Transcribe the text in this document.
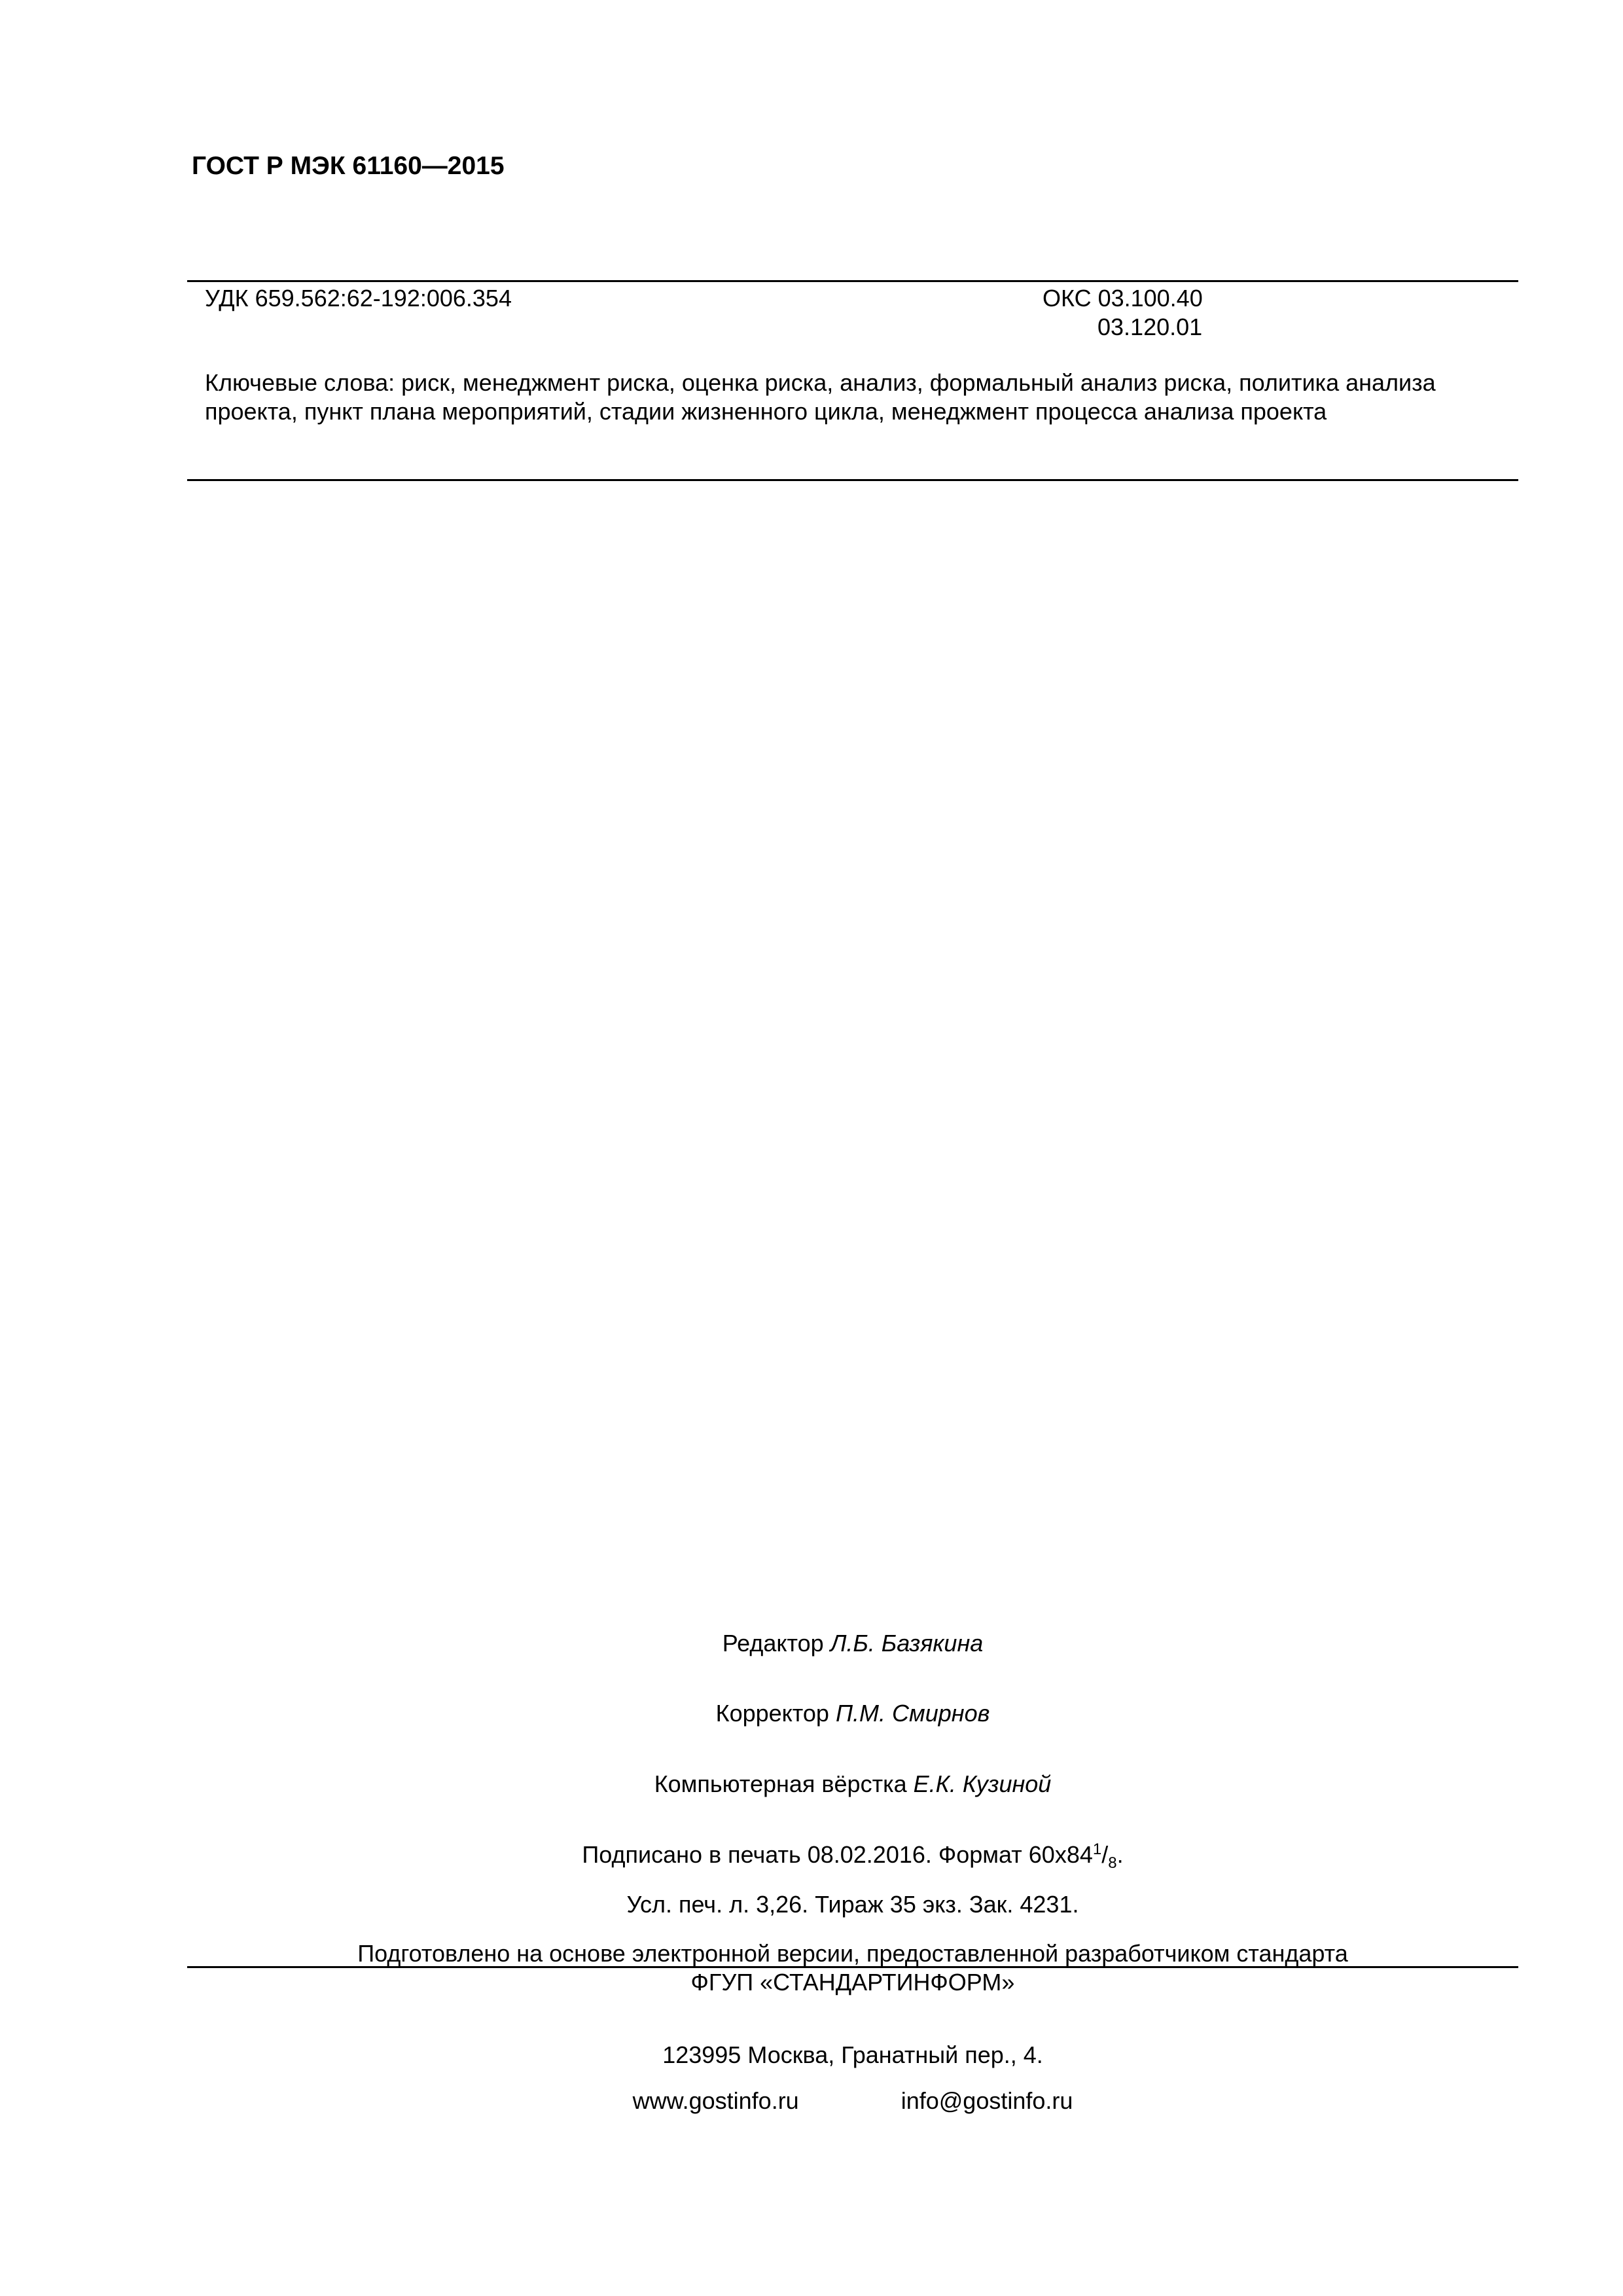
ГОСТ Р МЭК 61160—2015
УДК 659.562:62-192:006.354	ОКС 03.100.40
03.120.01
Ключевые слова: риск, менеджмент риска, оценка риска, анализ, формальный анализ риска, политика анализа проекта, пункт плана мероприятий, стадии жизненного цикла, менеджмент процесса анализа проекта
Редактор Л.Б. Базякина
Корректор П.М. Смирнов
Компьютерная вёрстка Е.К. Кузиной
Подписано в печать 08.02.2016. Формат $60x84^1/_8$.
Усл. печ. л. 3,26. Тираж 35 экз. Зак. 4231.
Подготовлено на основе электронной версии, предоставленной разработчиком стандарта
ФГУП «СТАНДАРТИНФОРМ»
123995 Москва, Гранатный пер., 4.
www.gostinfo.ru	info@gostinfo.ru
